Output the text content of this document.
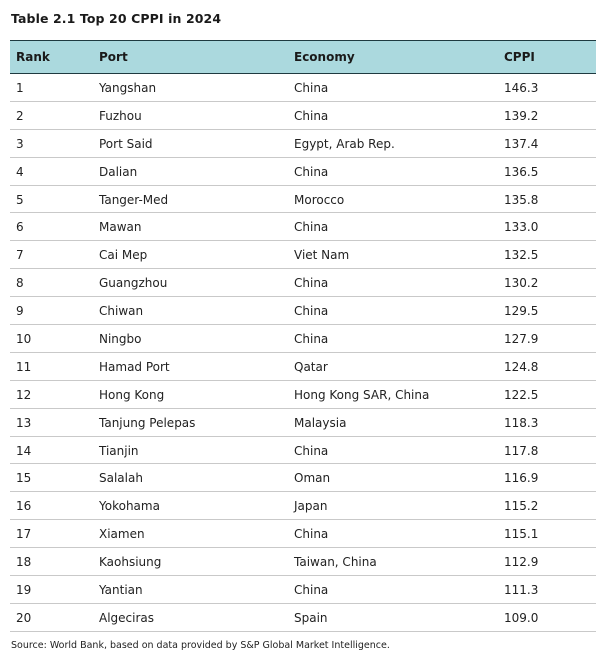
Table 2.1 Top 20 CPPI in 2024
Rank	Port	Economy	CPPI
1	Yangshan	China	146.3
2	Fuzhou	China	139.2
3	Port Said	Egypt, Arab Rep.	137.4
4	Dalian	China	136.5
5	Tanger-Med	Morocco	135.8
6	Mawan	China	133.0
7	Cai Mep	Viet Nam	132.5
8	Guangzhou	China	130.2
9	Chiwan	China	129.5
10	Ningbo	China	127.9
11	Hamad Port	Qatar	124.8
12	Hong Kong	Hong Kong SAR, China	122.5
13	Tanjung Pelepas	Malaysia	118.3
14	Tianjin	China	117.8
15	Salalah	Oman	116.9
16	Yokohama	Japan	115.2
17	Xiamen	China	115.1
18	Kaohsiung	Taiwan, China	112.9
19	Yantian	China	111.3
20	Algeciras	Spain	109.0
Source: World Bank, based on data provided by S&P Global Market Intelligence.
